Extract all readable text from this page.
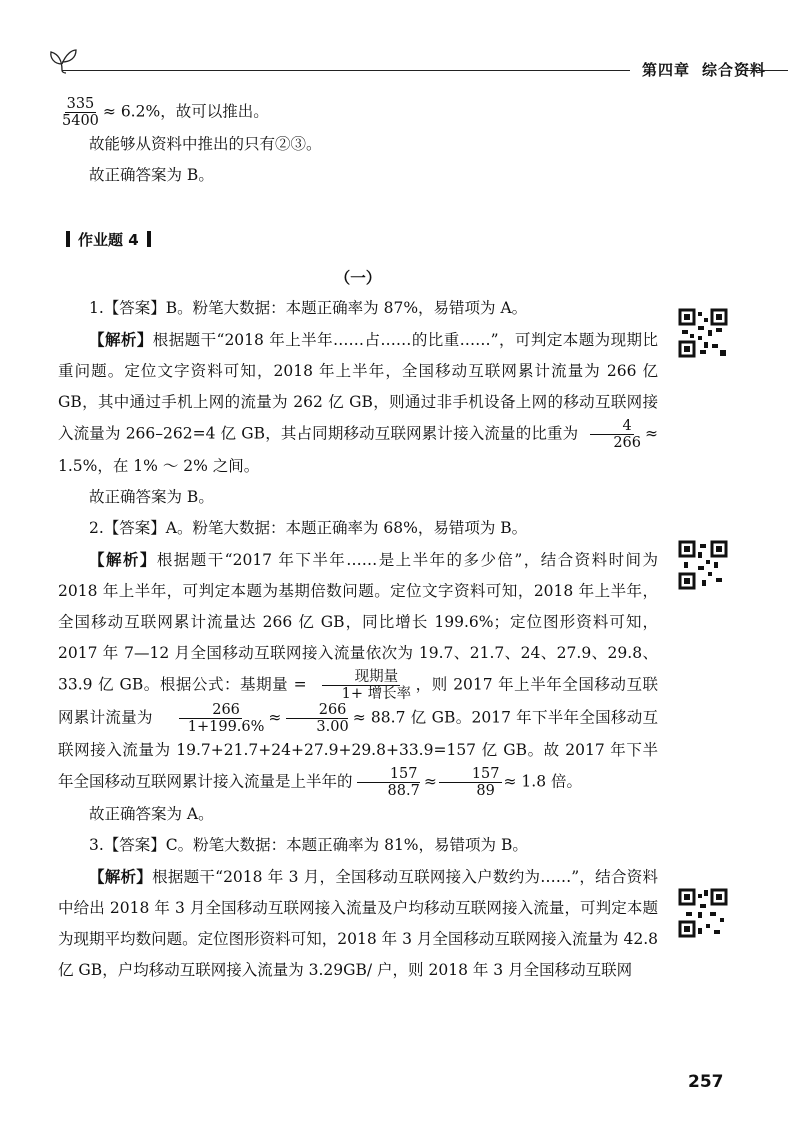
第四章 综合资料

$\frac{335}{5400} \approx 6.2\%$，故可以推出。

故能够从资料中推出的只有②③。

故正确答案为 B。

作业题 4

（一）

1.【答案】B。粉笔大数据：本题正确率为 87%，易错项为 A。

【解析】根据题干“2018 年上半年……占……的比重……”，可判定本题为现期比重问题。定位文字资料可知，2018 年上半年，全国移动互联网累计流量为 266 亿 GB，其中通过手机上网的流量为 262 亿 GB，则通过非手机设备上网的移动互联网接入流量为 266–262=4 亿 GB，其占同期移动互联网累计接入流量的比重为 $\frac{4}{266} \approx 1.5\%$，在 1% ～ 2% 之间。

故正确答案为 B。

2.【答案】A。粉笔大数据：本题正确率为 68%，易错项为 B。

【解析】根据题干“2017 年下半年……是上半年的多少倍”，结合资料时间为 2018 年上半年，可判定本题为基期倍数问题。定位文字资料可知，2018 年上半年，全国移动互联网累计流量达 266 亿 GB，同比增长 199.6%；定位图形资料可知，2017 年 7—12 月全国移动互联网接入流量依次为 19.7、21.7、24、27.9、29.8、33.9 亿 GB。根据公式：基期量 = $\frac{\text{现期量}}{\text{1+ 增长率}}$ ，则 2017 年上半年全国移动互联网累计流量为 $\frac{266}{1+199.6\%} \approx \frac{266}{3.00} \approx 88.7$ 亿 GB。2017 年下半年全国移动互联网接入流量为 19.7+21.7+24+27.9+29.8+33.9=157 亿 GB。故 2017 年下半年全国移动互联网累计接入流量是上半年的 $\frac{157}{88.7} \approx \frac{157}{89} \approx 1.8$ 倍。

故正确答案为 A。

3.【答案】C。粉笔大数据：本题正确率为 81%，易错项为 B。

【解析】根据题干“2018 年 3 月，全国移动互联网接入户数约为……”，结合资料中给出 2018 年 3 月全国移动互联网接入流量及户均移动互联网接入流量，可判定本题为现期平均数问题。定位图形资料可知，2018 年 3 月全国移动互联网接入流量为 42.8 亿 GB，户均移动互联网接入流量为 3.29GB/ 户，则 2018 年 3 月全国移动互联网

257
